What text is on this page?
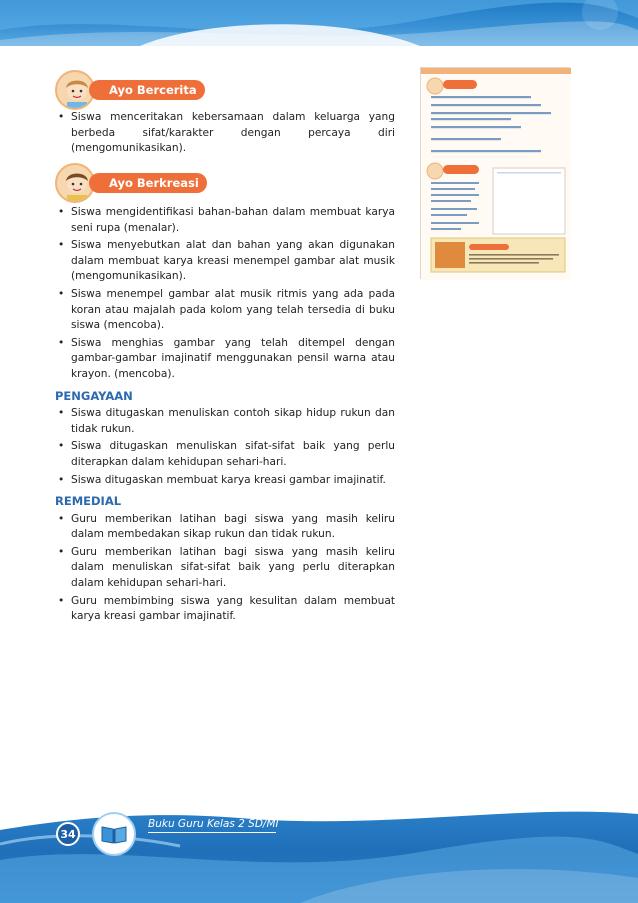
Ayo Bercerita
• Siswa menceritakan kebersamaan dalam keluarga yang berbeda sifat/karakter dengan percaya diri (mengomunikasikan).
Ayo Berkreasi
• Siswa mengidentifikasi bahan-bahan dalam membuat karya seni rupa (menalar).
• Siswa menyebutkan alat dan bahan yang akan digunakan dalam membuat karya kreasi menempel gambar alat musik (mengomunikasikan).
• Siswa menempel gambar alat musik ritmis yang ada pada koran atau majalah pada kolom yang telah tersedia di buku siswa (mencoba).
• Siswa menghias gambar yang telah ditempel dengan gambar-gambar imajinatif menggunakan pensil warna atau krayon. (mencoba).
PENGAYAAN
• Siswa ditugaskan menuliskan contoh sikap hidup rukun dan tidak rukun.
• Siswa ditugaskan menuliskan sifat-sifat baik yang perlu diterapkan dalam kehidupan sehari-hari.
• Siswa ditugaskan membuat karya kreasi gambar imajinatif.
REMEDIAL
• Guru memberikan latihan bagi siswa yang masih keliru dalam membedakan sikap rukun dan tidak rukun.
• Guru memberikan latihan bagi siswa yang masih keliru dalam menuliskan sifat-sifat baik yang perlu diterapkan dalam kehidupan sehari-hari.
• Guru membimbing siswa yang kesulitan dalam membuat karya kreasi gambar imajinatif.
34
Buku Guru Kelas 2 SD/MI
